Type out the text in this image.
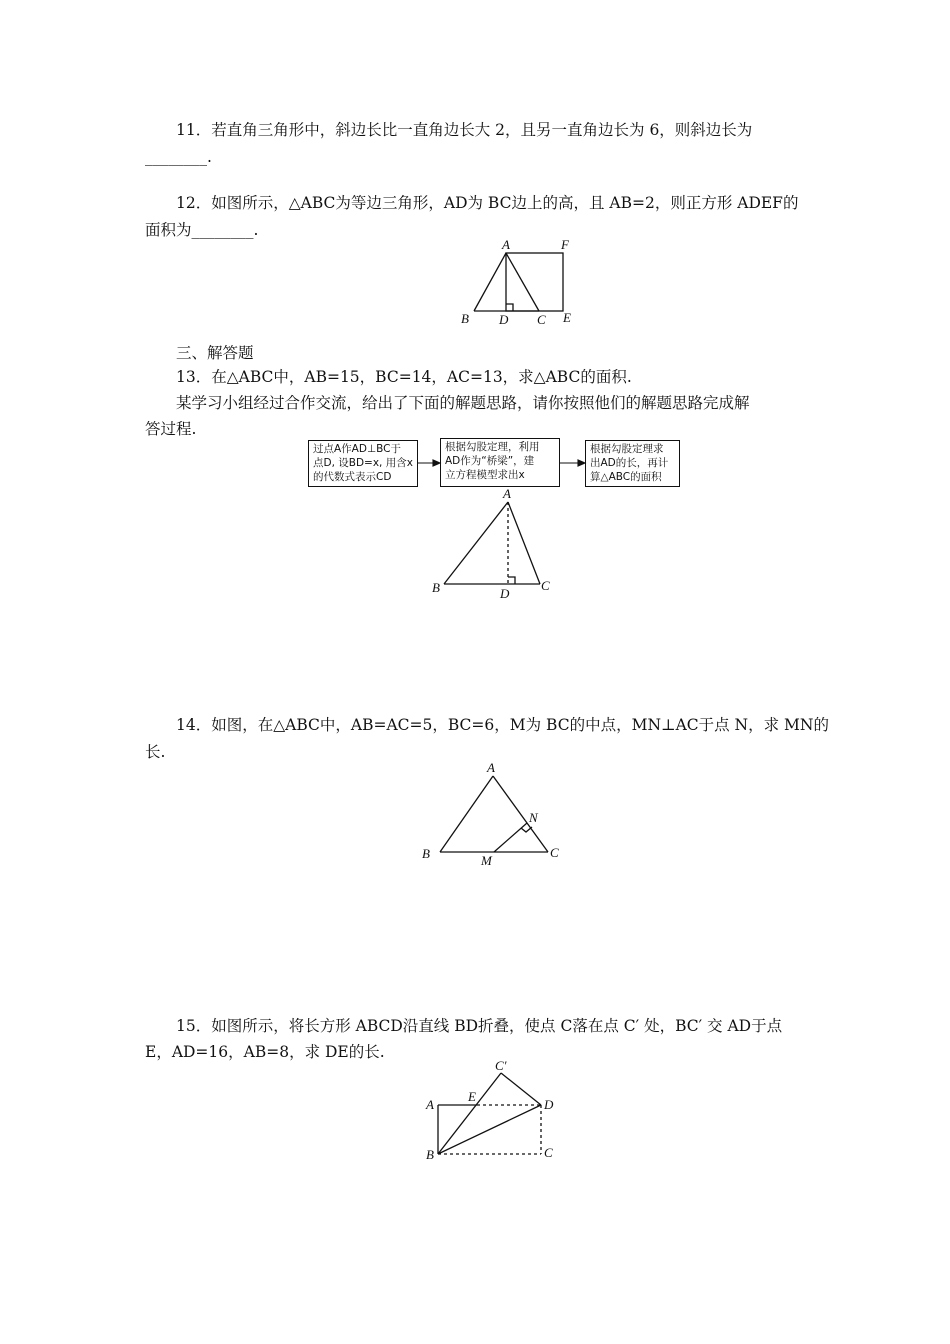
11．若直角三角形中，斜边长比一直角边长大 2，且另一直角边长为 6，则斜边长为
________.
12．如图所示，△ABC为等边三角形，AD为 BC边上的高，且 AB=2，则正方形 ADEF的
面积为________.
A	F
B D C E
三、解答题
13．在△ABC中，AB=15，BC=14，AC=13，求△ABC的面积.
某学习小组经过合作交流，给出了下面的解题思路，请你按照他们的解题思路完成解
答过程.
过点A作AD⊥BC于
点D, 设BD=x, 用含x
的代数式表示CD
根据勾股定理，利用
AD作为“桥梁”，建
立方程模型求出x
根据勾股定理求
出AD的长，再计
算△ABC的面积
A
B	D
C
14．如图，在△ABC中，AB=AC=5，BC=6，M为 BC的中点，MN⊥AC于点 N，求 MN的
长.
A
N
B	M
C
15．如图所示，将长方形 ABCD沿直线 BD折叠，使点 C落在点 C′ 处，BC′ 交 AD于点
E，AD=16，AB=8，求 DE的长.
C′
A
E
D
B	C
